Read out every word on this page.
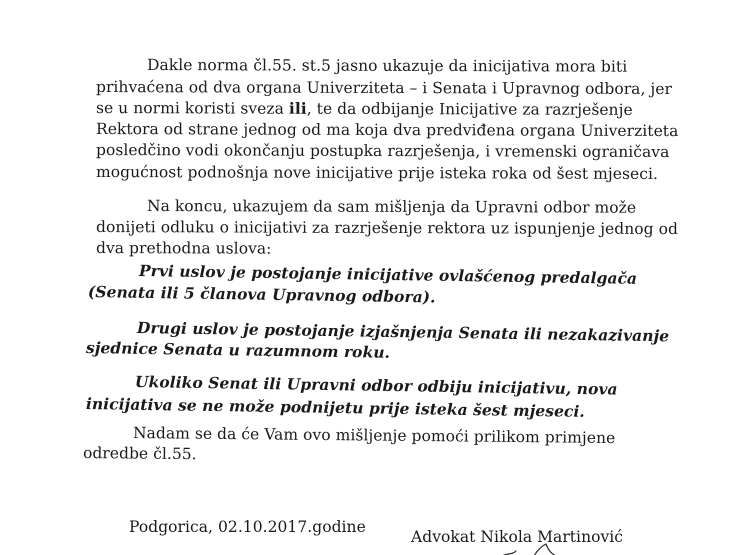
Dakle norma čl.55. st.5 jasno ukazuje da inicijativa mora biti
prihvaćena od dva organa Univerziteta – i Senata i Upravnog odbora, jer
se u normi koristi sveza ili, te da odbijanje Inicijative za razrješenje
Rektora od strane jednog od ma koja dva predviđena organa Univerziteta
posledčino vodi okončanju postupka razrješenja, i vremenski ograničava
mogućnost podnošnja nove inicijative prije isteka roka od šest mjeseci.
Na koncu, ukazujem da sam mišljenja da Upravni odbor može
donijeti odluku o inicijativi za razrješenje rektora uz ispunjenje jednog od
dva prethodna uslova:
Prvi uslov je postojanje inicijative ovlašćenog predalgača
(Senata ili 5 članova Upravnog odbora).
Drugi uslov je postojanje izjašnjenja Senata ili nezakazivanje
sjednice Senata u razumnom roku.
Ukoliko Senat ili Upravni odbor odbiju inicijativu, nova
inicijativa se ne može podnijetu prije isteka šest mjeseci.
Nadam se da će Vam ovo mišljenje pomoći prilikom primjene
odredbe čl.55.
Podgorica, 02.10.2017.godine
Advokat Nikola Martinović
